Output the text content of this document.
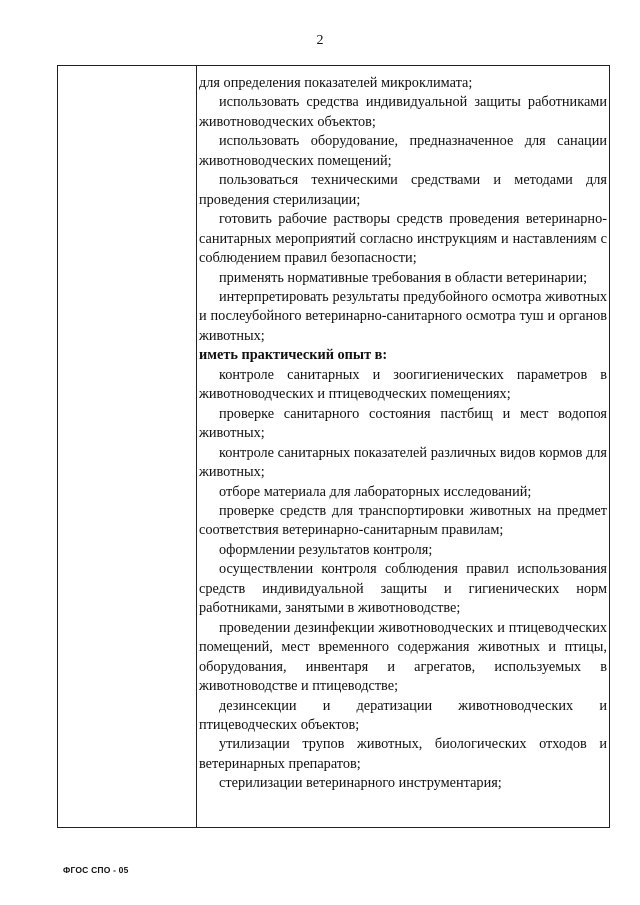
2

для определения показателей микроклимата;

использовать средства индивидуальной защиты работниками животноводческих объектов;

использовать оборудование, предназначенное для санации животноводческих помещений;

пользоваться техническими средствами и методами для проведения стерилизации;

готовить рабочие растворы средств проведения ветеринарно-санитарных мероприятий согласно инструкциям и наставлениям с соблюдением правил безопасности;

применять нормативные требования в области ветеринарии;

интерпретировать результаты предубойного осмотра животных и послеубойного ветеринарно-санитарного осмотра туш и органов животных;

иметь практический опыт в:

контроле санитарных и зоогигиенических параметров в животноводческих и птицеводческих помещениях;

проверке санитарного состояния пастбищ и мест водопоя животных;

контроле санитарных показателей различных видов кормов для животных;

отборе материала для лабораторных исследований;

проверке средств для транспортировки животных на предмет соответствия ветеринарно-санитарным правилам;

оформлении результатов контроля;

осуществлении контроля соблюдения правил использования средств индивидуальной защиты и гигиенических норм работниками, занятыми в животноводстве;

проведении дезинфекции животноводческих и птицеводческих помещений, мест временного содержания животных и птицы, оборудования, инвентаря и агрегатов, используемых в животноводстве и птицеводстве;

дезинсекции и дератизации животноводческих и птицеводческих объектов;

утилизации трупов животных, биологических отходов и ветеринарных препаратов;

стерилизации ветеринарного инструментария;

ФГОС СПО - 05
